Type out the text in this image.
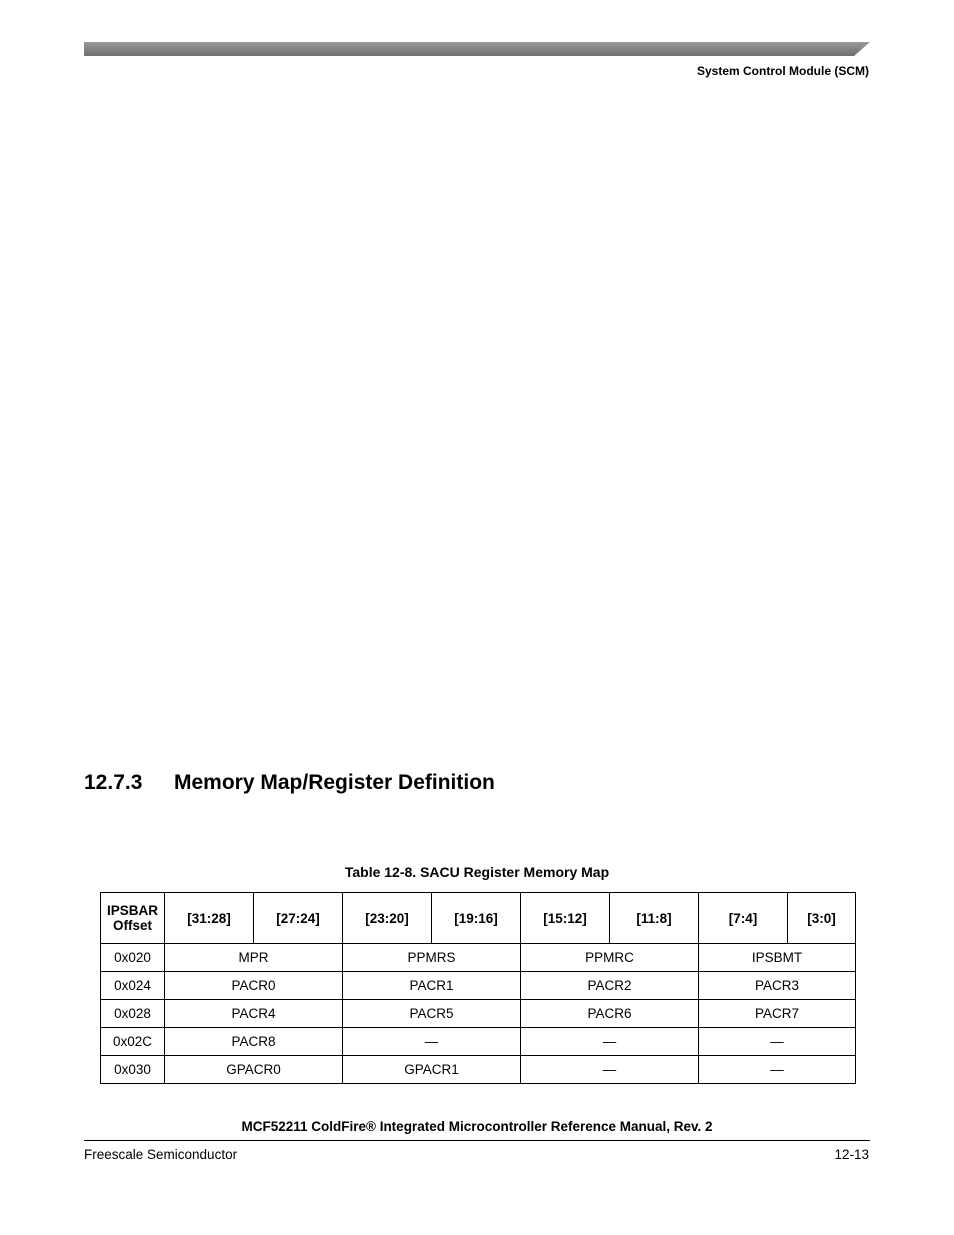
System Control Module (SCM)
12.7.3 Memory Map/Register Definition
Table 12-8. SACU Register Memory Map
IPSBAR Offset	[31:28]	[27:24]	[23:20]	[19:16]	[15:12]	[11:8]	[7:4]	[3:0]
0x020	MPR		PPMRS		PPMRC		IPSBMT	
0x024	PACR0		PACR1		PACR2		PACR3	
0x028	PACR4		PACR5		PACR6		PACR7	
0x02C	PACR8		—		—		—	
0x030	GPACR0		GPACR1		—		—	
MCF52211 ColdFire® Integrated Microcontroller Reference Manual, Rev. 2
Freescale Semiconductor	12-13
